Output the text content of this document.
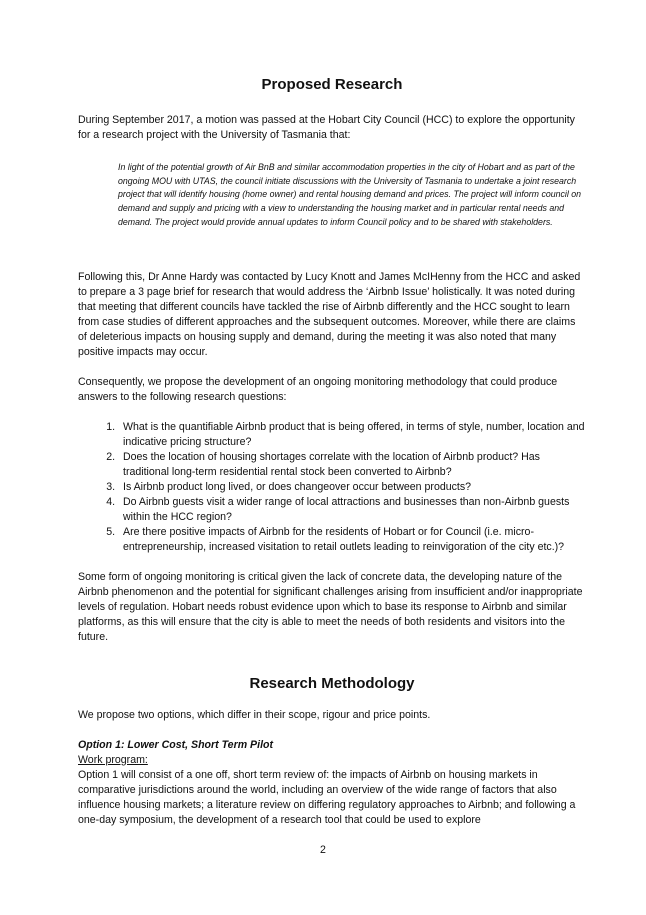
Proposed Research

During September 2017, a motion was passed at the Hobart City Council (HCC) to explore the opportunity for a research project with the University of Tasmania that:

In light of the potential growth of Air BnB and similar accommodation properties in the city of Hobart and as part of the ongoing MOU with UTAS, the council initiate discussions with the University of Tasmania to undertake a joint research project that will identify housing (home owner) and rental housing demand and prices. The project will inform council on demand and supply and pricing with a view to understanding the housing market and in particular rental needs and demand. The project would provide annual updates to inform Council policy and to be shared with stakeholders.

Following this, Dr Anne Hardy was contacted by Lucy Knott and James McIHenny from the HCC and asked to prepare a 3 page brief for research that would address the ‘Airbnb Issue’ holistically. It was noted during that meeting that different councils have tackled the rise of Airbnb differently and the HCC sought to learn from case studies of different approaches and the subsequent outcomes. Moreover, while there are claims of deleterious impacts on housing supply and demand, during the meeting it was also noted that many positive impacts may occur.

Consequently, we propose the development of an ongoing monitoring methodology that could produce answers to the following research questions:

1. What is the quantifiable Airbnb product that is being offered, in terms of style, number, location and indicative pricing structure?
2. Does the location of housing shortages correlate with the location of Airbnb product? Has traditional long-term residential rental stock been converted to Airbnb?
3. Is Airbnb product long lived, or does changeover occur between products?
4. Do Airbnb guests visit a wider range of local attractions and businesses than non-Airbnb guests within the HCC region?
5. Are there positive impacts of Airbnb for the residents of Hobart or for Council (i.e. micro-entrepreneurship, increased visitation to retail outlets leading to reinvigoration of the city etc.)?

Some form of ongoing monitoring is critical given the lack of concrete data, the developing nature of the Airbnb phenomenon and the potential for significant challenges arising from insufficient and/or inappropriate levels of regulation. Hobart needs robust evidence upon which to base its response to Airbnb and similar platforms, as this will ensure that the city is able to meet the needs of both residents and visitors into the future.

Research Methodology

We propose two options, which differ in their scope, rigour and price points.

Option 1: Lower Cost, Short Term Pilot

Work program:

Option 1 will consist of a one off, short term review of: the impacts of Airbnb on housing markets in comparative jurisdictions around the world, including an overview of the wide range of factors that also influence housing markets; a literature review on differing regulatory approaches to Airbnb; and following a one-day symposium, the development of a research tool that could be used to explore

2
